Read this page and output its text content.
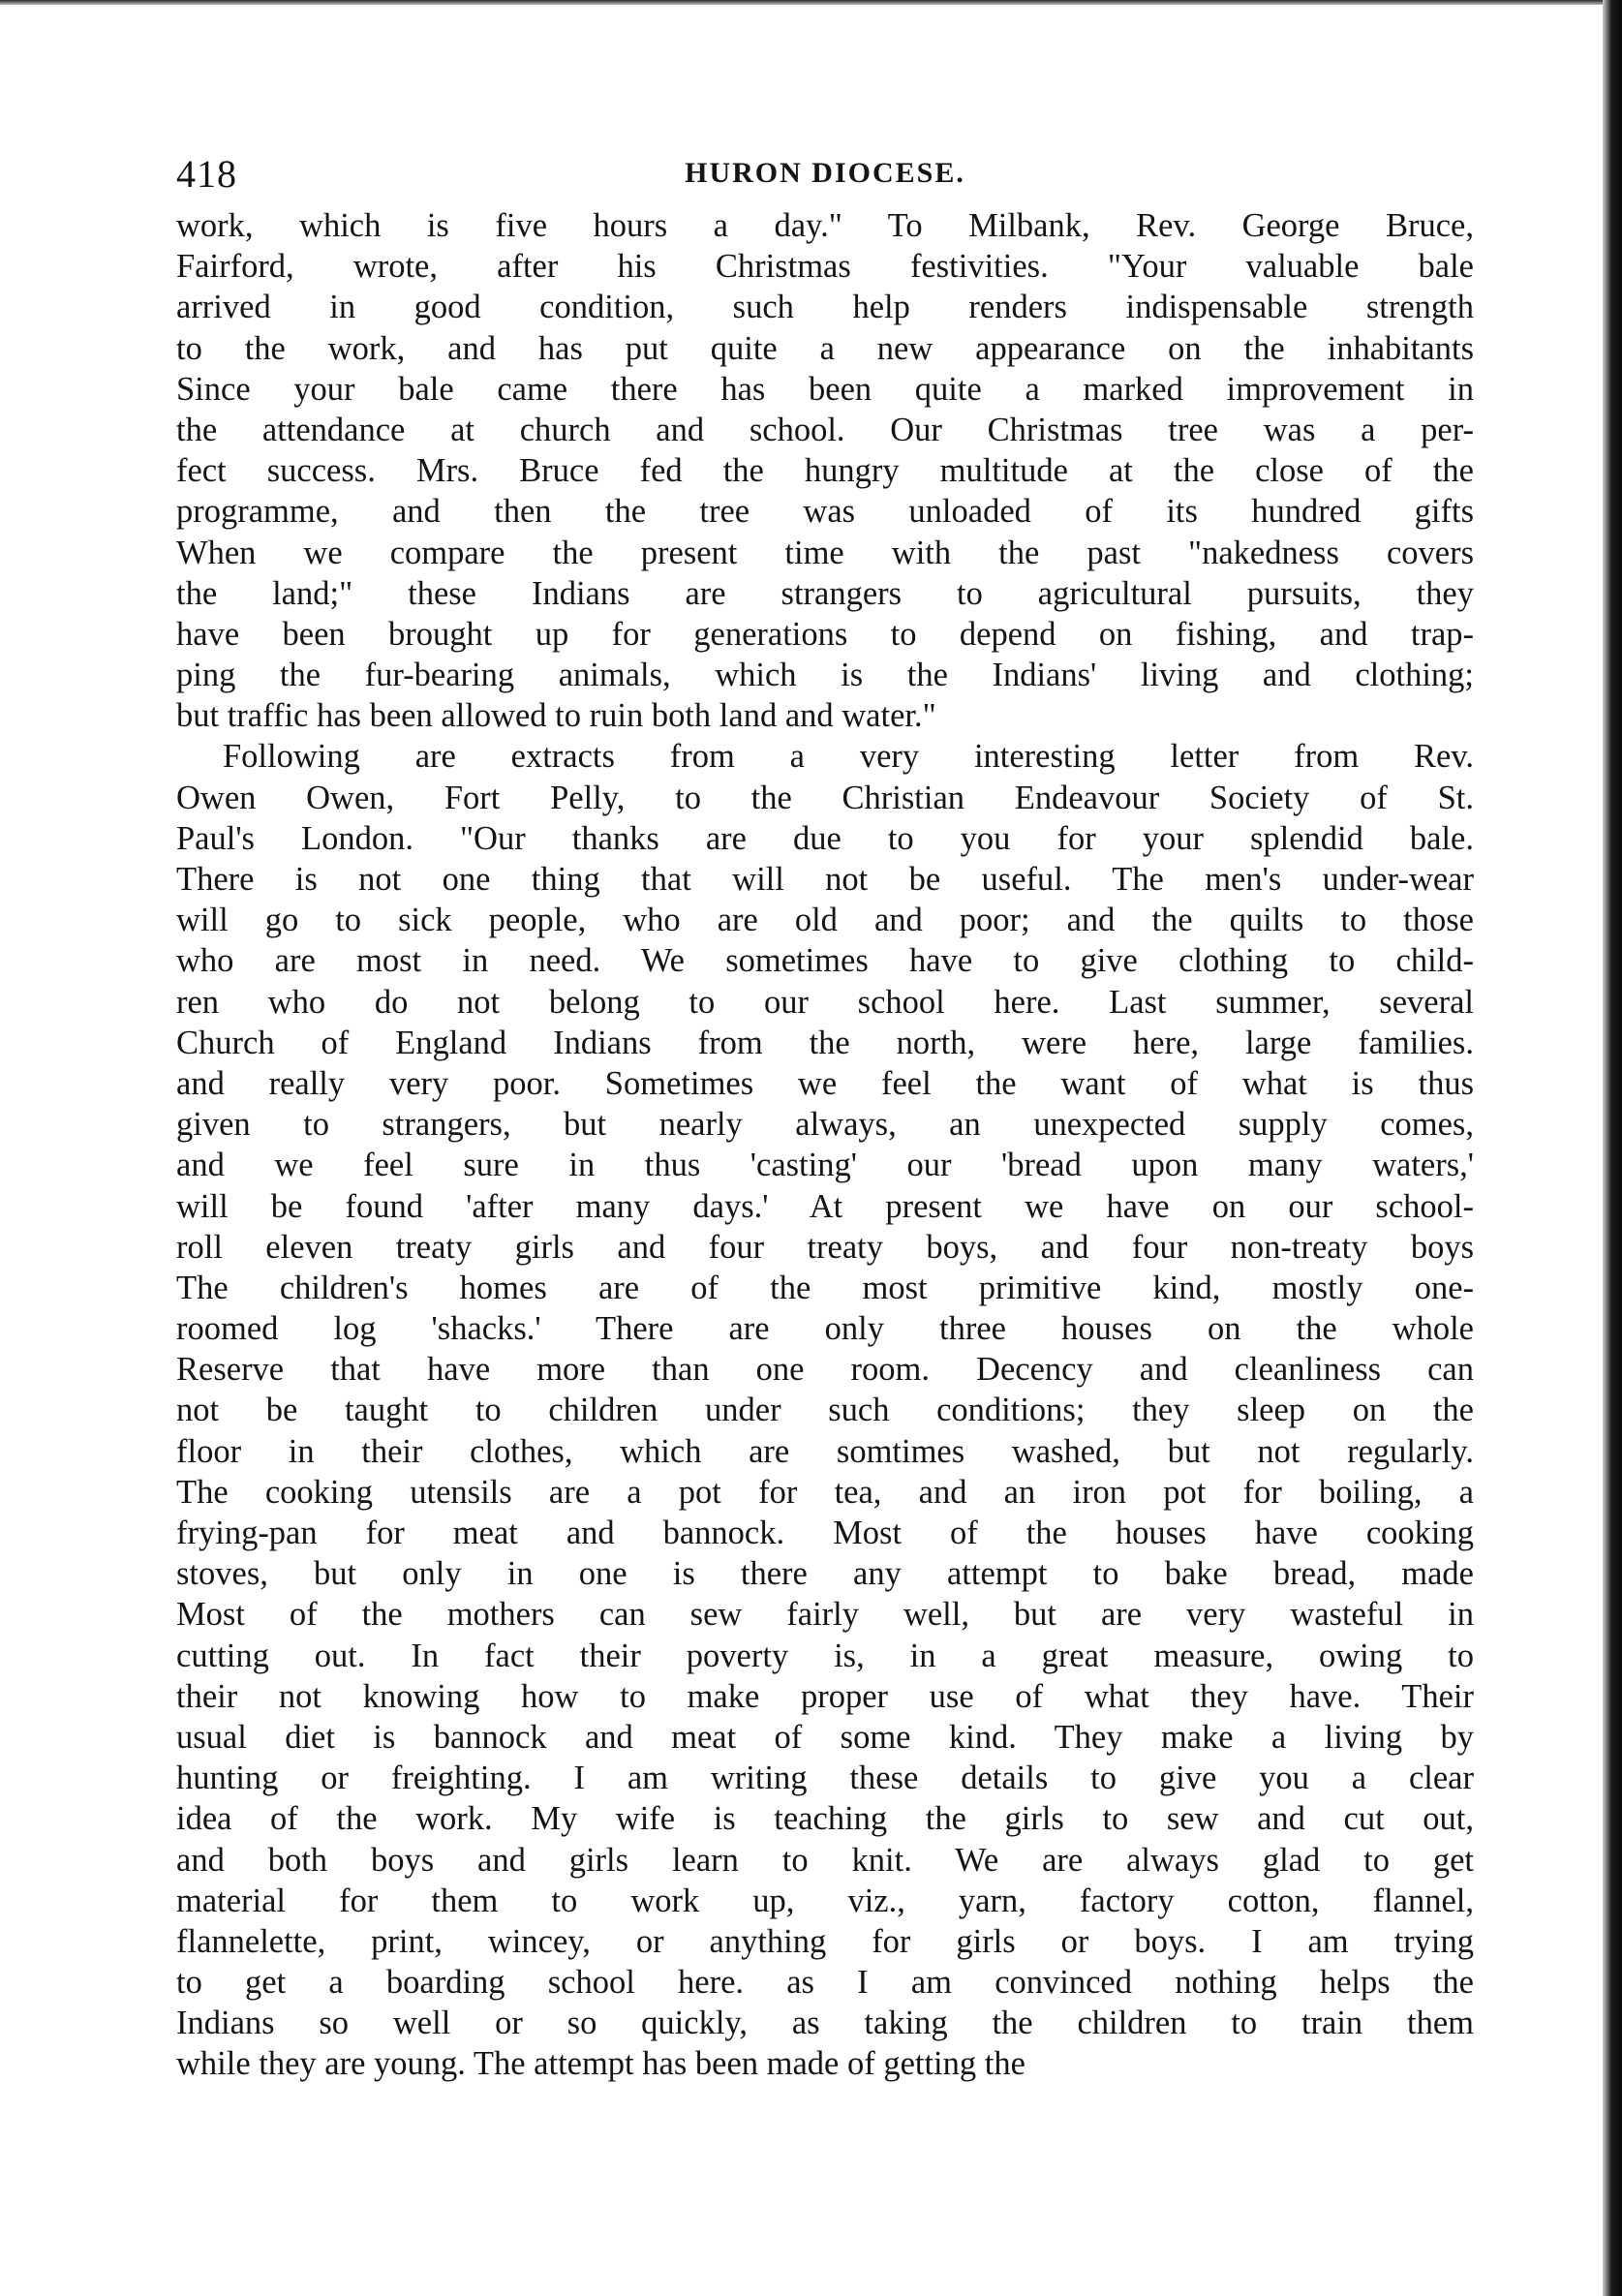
418	HURON DIOCESE.

work, which is five hours a day." To Milbank, Rev. George Bruce,
Fairford, wrote, after his Christmas festivities. "Your valuable bale
arrived in good condition, such help renders indispensable strength
to the work, and has put quite a new appearance on the inhabitants
Since your bale came there has been quite a marked improvement in
the attendance at church and school. Our Christmas tree was a per-
fect success. Mrs. Bruce fed the hungry multitude at the close of the
programme, and then the tree was unloaded of its hundred gifts
When we compare the present time with the past "nakedness covers
the land;" these Indians are strangers to agricultural pursuits, they
have been brought up for generations to depend on fishing, and trap-
ping the fur-bearing animals, which is the Indians' living and clothing;
but traffic has been allowed to ruin both land and water."

Following are extracts from a very interesting letter from Rev.
Owen Owen, Fort Pelly, to the Christian Endeavour Society of St.
Paul's London. "Our thanks are due to you for your splendid bale.
There is not one thing that will not be useful. The men's under-wear
will go to sick people, who are old and poor; and the quilts to those
who are most in need. We sometimes have to give clothing to child-
ren who do not belong to our school here. Last summer, several
Church of England Indians from the north, were here, large families.
and really very poor. Sometimes we feel the want of what is thus
given to strangers, but nearly always, an unexpected supply comes,
and we feel sure in thus 'casting' our 'bread upon many waters,'
will be found 'after many days.' At present we have on our school-
roll eleven treaty girls and four treaty boys, and four non-treaty boys
The children's homes are of the most primitive kind, mostly one-
roomed log 'shacks.' There are only three houses on the whole
Reserve that have more than one room. Decency and cleanliness can
not be taught to children under such conditions; they sleep on the
floor in their clothes, which are somtimes washed, but not regularly.
The cooking utensils are a pot for tea, and an iron pot for boiling, a
frying-pan for meat and bannock. Most of the houses have cooking
stoves, but only in one is there any attempt to bake bread, made
Most of the mothers can sew fairly well, but are very wasteful in
cutting out. In fact their poverty is, in a great measure, owing to
their not knowing how to make proper use of what they have. Their
usual diet is bannock and meat of some kind. They make a living by
hunting or freighting. I am writing these details to give you a clear
idea of the work. My wife is teaching the girls to sew and cut out,
and both boys and girls learn to knit. We are always glad to get
material for them to work up, viz., yarn, factory cotton, flannel,
flannelette, print, wincey, or anything for girls or boys. I am trying
to get a boarding school here. as I am convinced nothing helps the
Indians so well or so quickly, as taking the children to train them
while they are young. The attempt has been made of getting the
